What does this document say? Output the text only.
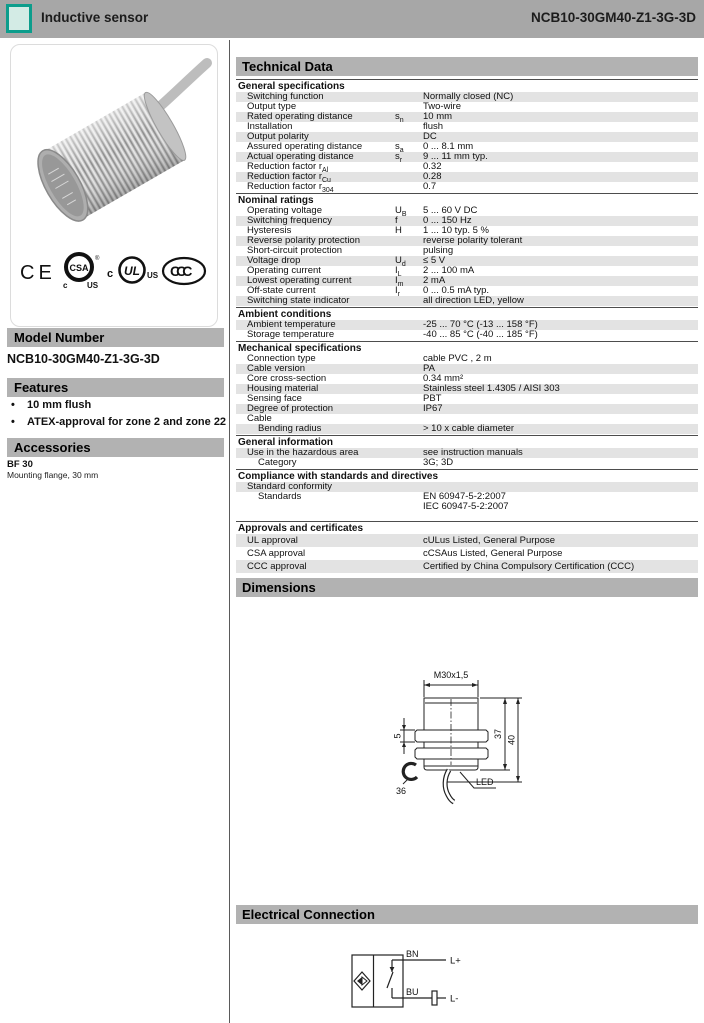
Inductive sensor	NCB10-30GM40-Z1-3G-3D
CE CSA
®
c US
c UL US CCC
Model Number
NCB10-30GM40-Z1-3G-3D
Features
• 10 mm flush
• ATEX-approval for zone 2 and zone 22
Accessories
BF 30
Mounting flange, 30 mm
Technical Data
General specifications
Switching function	Normally closed (NC)
Output type	Two-wire
Rated operating distance	$s_n$	10 mm
Installation	flush
Output polarity	DC
Assured operating distance	$s_a$	0 ... 8.1 mm
Actual operating distance	$s_r$	9 ... 11 mm typ.
Reduction factor $r_{Al}$	0.32
Reduction factor $r_{Cu}$	0.28
Reduction factor $r_{304}$	0.7
Nominal ratings
Operating voltage	$U_B$	5 ... 60 V DC
Switching frequency	f	0 ... 150 Hz
Hysteresis	H	1 ... 10 typ. 5 %
Reverse polarity protection	reverse polarity tolerant
Short-circuit protection	pulsing
Voltage drop	$U_d$	≤ 5 V
Operating current	$I_L$	2 ... 100 mA
Lowest operating current	$I_m$	2 mA
Off-state current	$I_r$	0 ... 0.5 mA typ.
Switching state indicator	all direction LED, yellow
Ambient conditions
Ambient temperature	-25 ... 70 °C (-13 ... 158 °F)
Storage temperature	-40 ... 85 °C (-40 ... 185 °F)
Mechanical specifications
Connection type	cable PVC , 2 m
Cable version	PA
Core cross-section	0.34 mm²
Housing material	Stainless steel 1.4305 / AISI 303
Sensing face	PBT
Degree of protection	IP67
Cable
Bending radius	> 10 x cable diameter
General information
Use in the hazardous area	see instruction manuals
Category	3G; 3D
Compliance with standards and directives
Standard conformity
Standards	EN 60947-5-2:2007
IEC 60947-5-2:2007
Approvals and certificates
UL approval	cULus Listed, General Purpose
CSA approval	cCSAus Listed, General Purpose
CCC approval	Certified by China Compulsory Certification (CCC)
Dimensions
M30x1,5
37
40
5
36
LED
Electrical Connection
BN
BU
L+
L-
